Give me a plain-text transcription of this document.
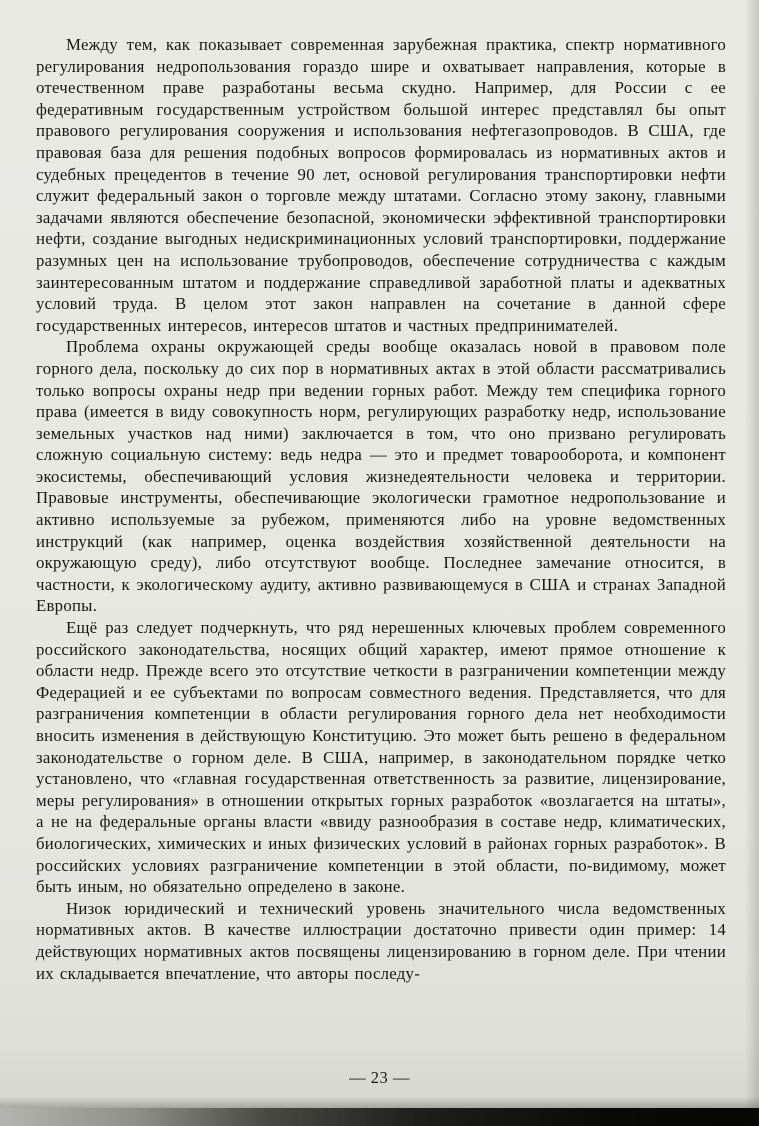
Между тем, как показывает современная зарубежная практика, спектр нормативного регулирования недропользования гораздо шире и охватывает направления, которые в отечественном праве разработаны весьма скудно. Например, для России с ее федеративным государственным устройством большой интерес представлял бы опыт правового регулирования сооружения и использования нефтегазопроводов. В США, где правовая база для решения подобных вопросов формировалась из нормативных актов и судебных прецедентов в течение 90 лет, основой регулирования транспортировки нефти служит федеральный закон о торговле между штатами. Согласно этому закону, главными задачами являются обеспечение безопасной, экономически эффективной транспортировки нефти, создание выгодных недискриминационных условий транспортировки, поддержание разумных цен на использование трубопроводов, обеспечение сотрудничества с каждым заинтересованным штатом и поддержание справедливой заработной платы и адекватных условий труда. В целом этот закон направлен на сочетание в данной сфере государственных интересов, интересов штатов и частных предпринимателей.

Проблема охраны окружающей среды вообще оказалась новой в правовом поле горного дела, поскольку до сих пор в нормативных актах в этой области рассматривались только вопросы охраны недр при ведении горных работ. Между тем специфика горного права (имеется в виду совокупность норм, регулирующих разработку недр, использование земельных участков над ними) заключается в том, что оно призвано регулировать сложную социальную систему: ведь недра — это и предмет товарооборота, и компонент экосистемы, обеспечивающий условия жизнедеятельности человека и территории. Правовые инструменты, обеспечивающие экологически грамотное недропользование и активно используемые за рубежом, применяются либо на уровне ведомственных инструкций (как например, оценка воздействия хозяйственной деятельности на окружающую среду), либо отсутствуют вообще. Последнее замечание относится, в частности, к экологическому аудиту, активно развивающемуся в США и странах Западной Европы.

Ещё раз следует подчеркнуть, что ряд нерешенных ключевых проблем современного российского законодательства, носящих общий характер, имеют прямое отношение к области недр. Прежде всего это отсутствие четкости в разграничении компетенции между Федерацией и ее субъектами по вопросам совместного ведения. Представляется, что для разграничения компетенции в области регулирования горного дела нет необходимости вносить изменения в действующую Конституцию. Это может быть решено в федеральном законодательстве о горном деле. В США, например, в законодательном порядке четко установлено, что «главная государственная ответственность за развитие, лицензирование, меры регулирования» в отношении открытых горных разработок «возлагается на штаты», а не на федеральные органы власти «ввиду разнообразия в составе недр, климатических, биологических, химических и иных физических условий в районах горных разработок». В российских условиях разграничение компетенции в этой области, по-видимому, может быть иным, но обязательно определено в законе.

Низок юридический и технический уровень значительного числа ведомственных нормативных актов. В качестве иллюстрации достаточно привести один пример: 14 действующих нормативных актов посвящены лицензированию в горном деле. При чтении их складывается впечатление, что авторы последу-

— 23 —
